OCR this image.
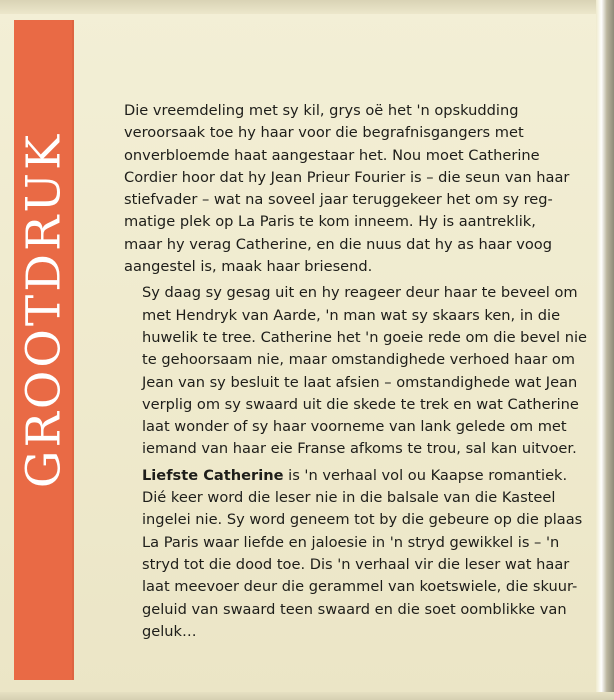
GROOTDRUK

Die vreemdeling met sy kil, grys oë het 'n opskudding
veroorsaak toe hy haar voor die begrafnisgangers met
onverbloemde haat aangestaar het. Nou moet Catherine
Cordier hoor dat hy Jean Prieur Fourier is – die seun van haar
stiefvader – wat na soveel jaar teruggekeer het om sy reg-
matige plek op La Paris te kom inneem. Hy is aantreklik,
maar hy verag Catherine, en die nuus dat hy as haar voog
aangestel is, maak haar briesend.

Sy daag sy gesag uit en hy reageer deur haar te beveel om
met Hendryk van Aarde, 'n man wat sy skaars ken, in die
huwelik te tree. Catherine het 'n goeie rede om die bevel nie
te gehoorsaam nie, maar omstandighede verhoed haar om
Jean van sy besluit te laat afsien – omstandighede wat Jean
verplig om sy swaard uit die skede te trek en wat Catherine
laat wonder of sy haar voorneme van lank gelede om met
iemand van haar eie Franse afkoms te trou, sal kan uitvoer.

Liefste Catherine is 'n verhaal vol ou Kaapse romantiek.
Dié keer word die leser nie in die balsale van die Kasteel
ingelei nie. Sy word geneem tot by die gebeure op die plaas
La Paris waar liefde en jaloesie in 'n stryd gewikkel is – 'n
stryd tot die dood toe. Dis 'n verhaal vir die leser wat haar
laat meevoer deur die gerammel van koetswiele, die skuur-
geluid van swaard teen swaard en die soet oomblikke van
geluk…
